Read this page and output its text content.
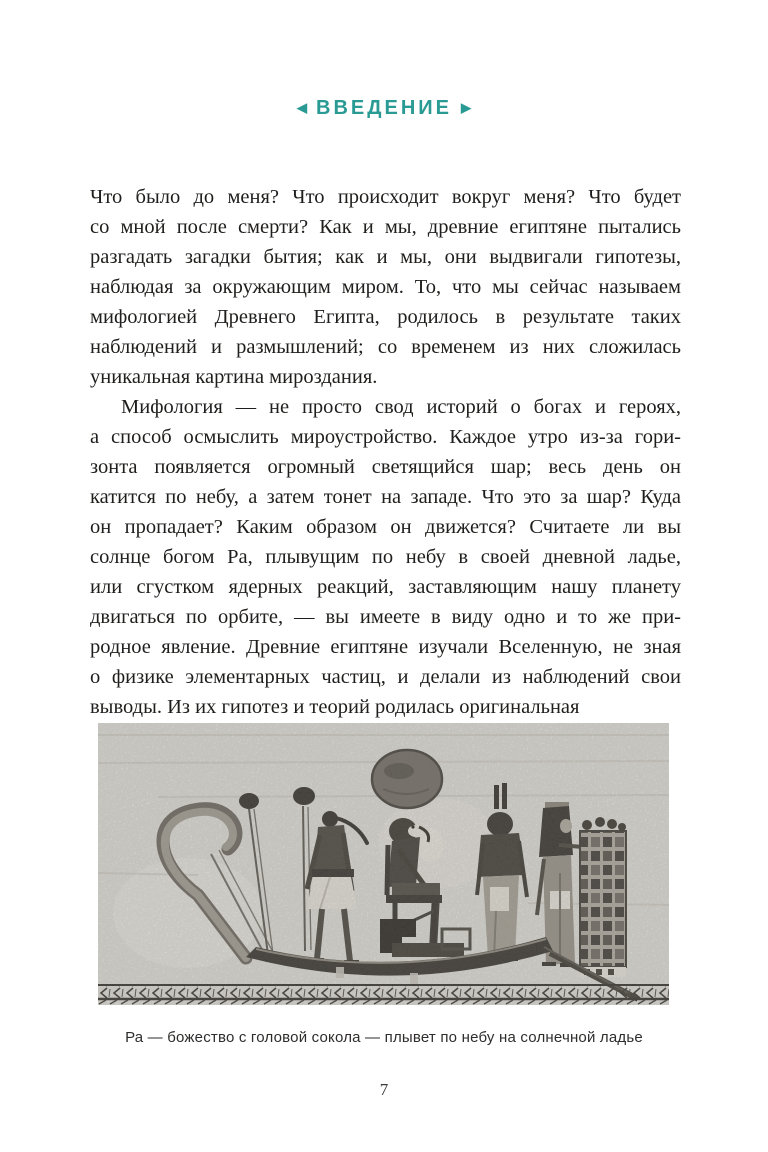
◀ ВВЕДЕНИЕ ▶
Что было до меня? Что происходит вокруг меня? Что будет
со мной после смерти? Как и мы, древние египтяне пытались
разгадать загадки бытия; как и мы, они выдвигали гипотезы,
наблюдая за окружающим миром. То, что мы сейчас называем
мифологией Древнего Египта, родилось в результате таких
наблюдений и размышлений; со временем из них сложилась
уникальная картина мироздания.
Мифология — не просто свод историй о богах и героях,
а способ осмыслить мироустройство. Каждое утро из-за гори-
зонта появляется огромный светящийся шар; весь день он
катится по небу, а затем тонет на западе. Что это за шар? Куда
он пропадает? Каким образом он движется? Считаете ли вы
солнце богом Ра, плывущим по небу в своей дневной ладье,
или сгустком ядерных реакций, заставляющим нашу планету
двигаться по орбите, — вы имеете в виду одно и то же при-
родное явление. Древние египтяне изучали Вселенную, не зная
о физике элементарных частиц, и делали из наблюдений свои
выводы. Из их гипотез и теорий родилась оригинальная
Ра — божество с головой сокола — плывет по небу на солнечной ладье
7
